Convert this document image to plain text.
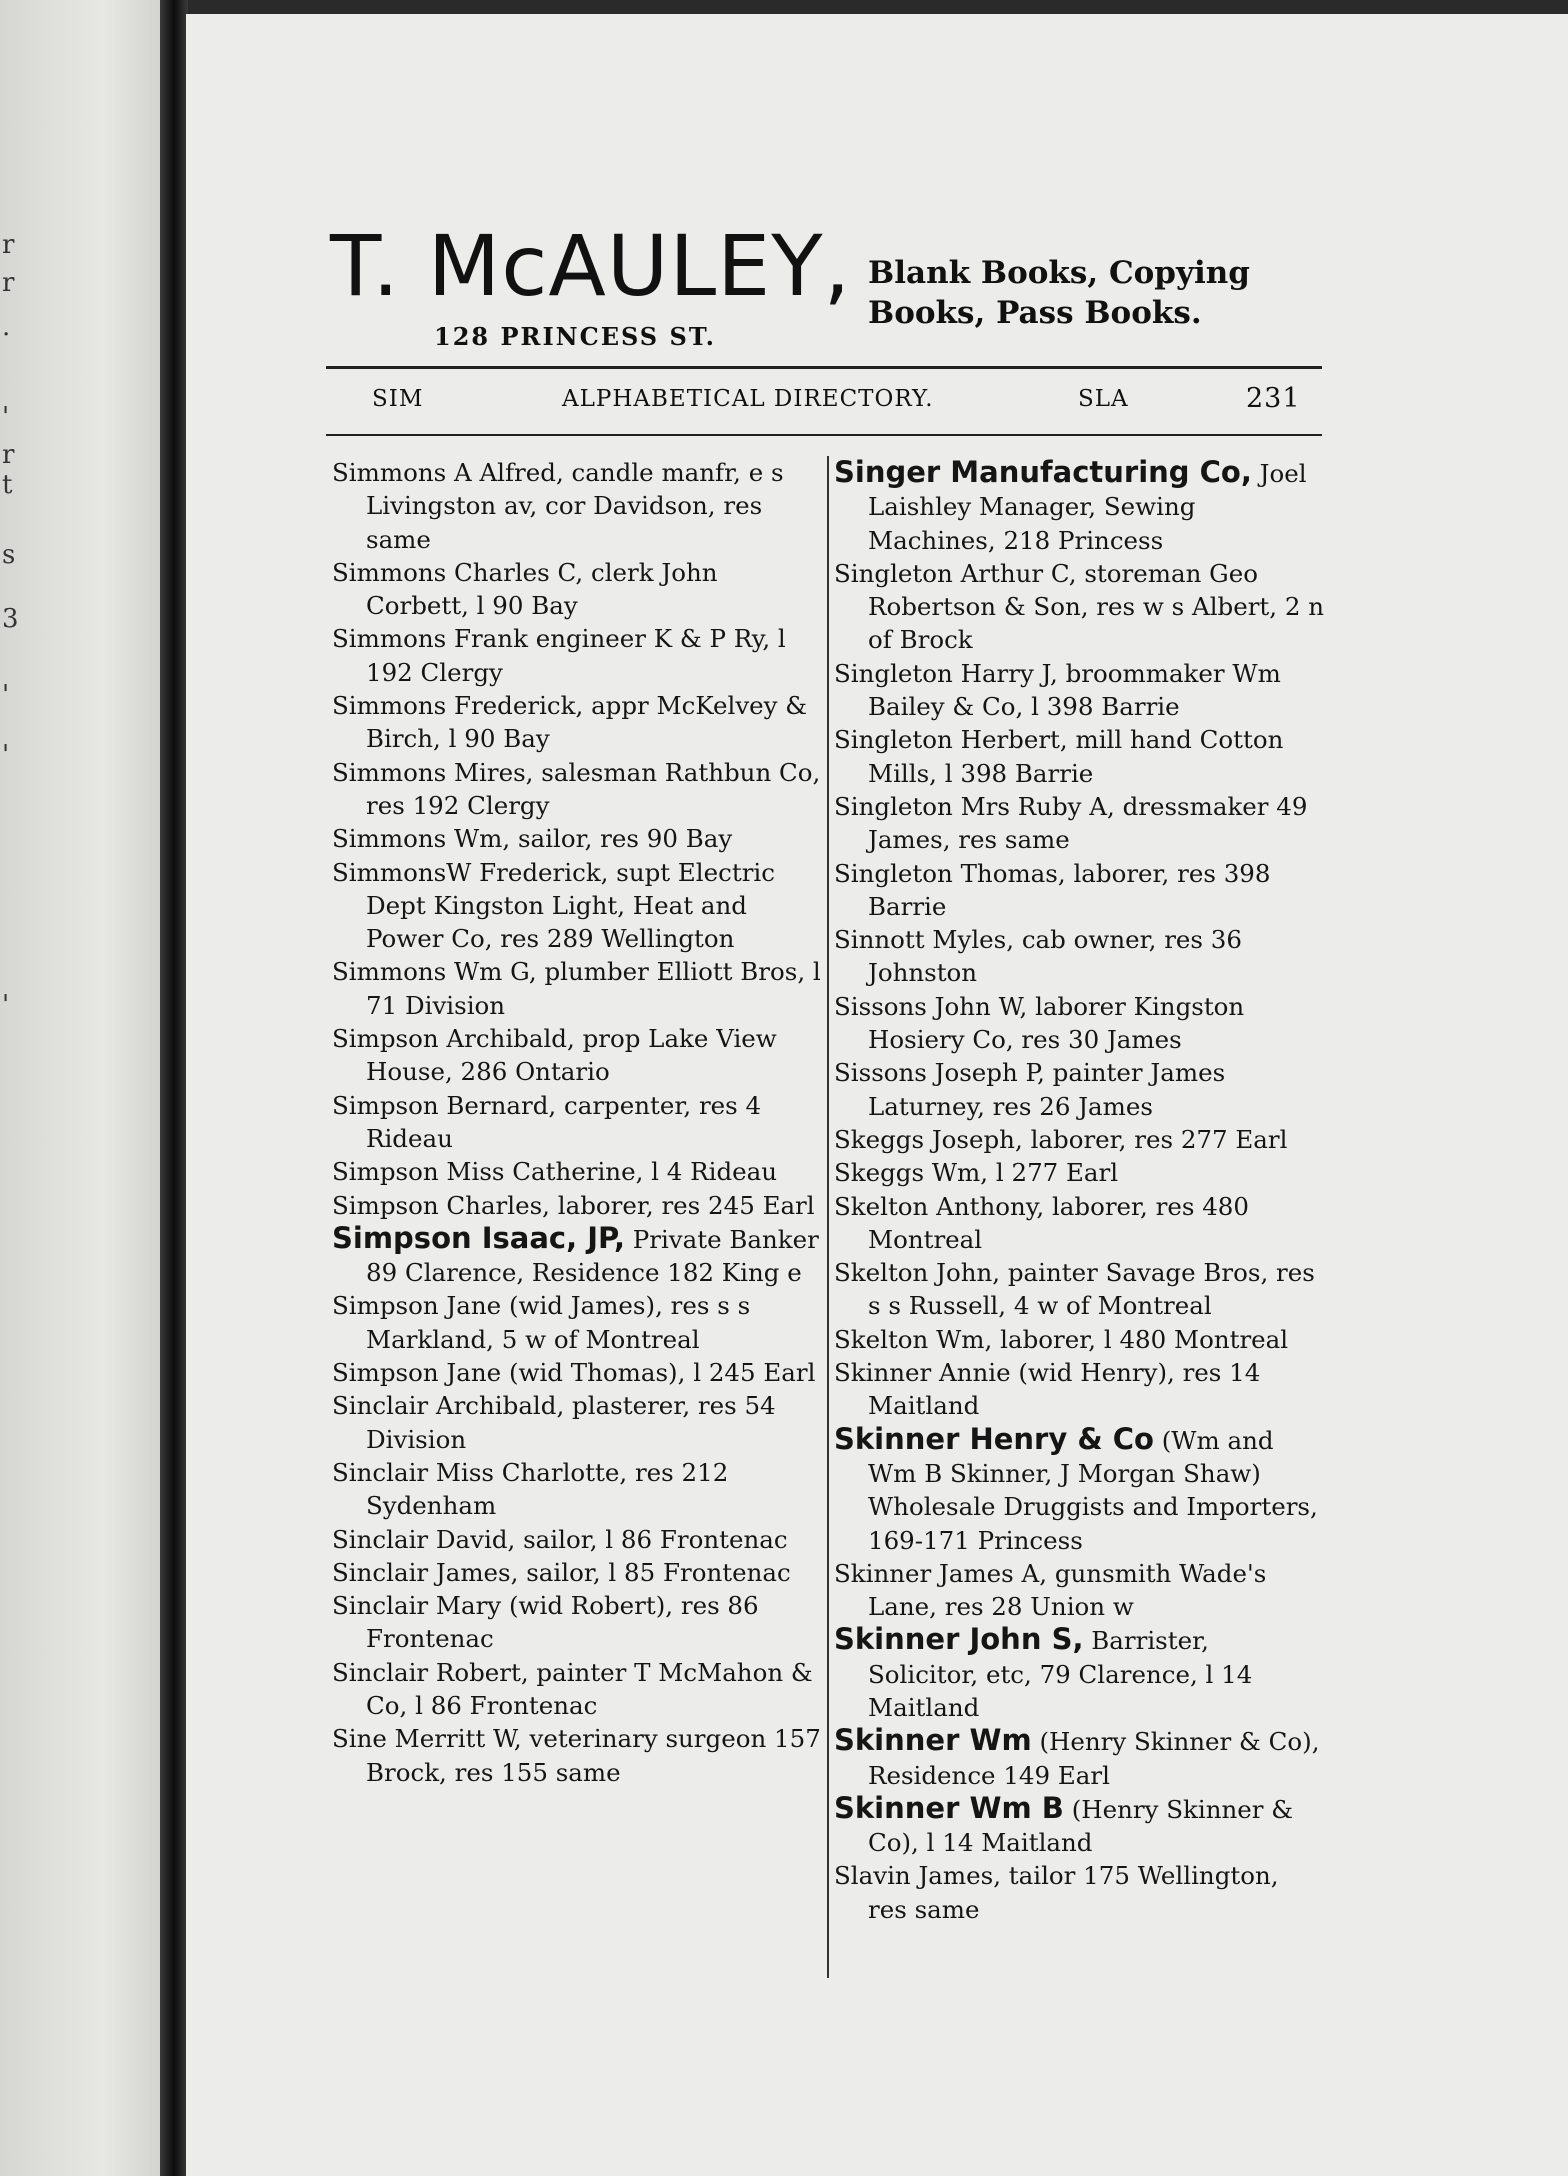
r
r
.
'
r
t
s
3
'
'
'
T. McAULEY,
128 PRINCESS ST.
Blank Books, Copying
Books, Pass Books.
SIM	ALPHABETICAL DIRECTORY.	SLA	231

Simmons A Alfred, candle manfr, e s Livingston av, cor Davidson, res same

Simmons Charles C, clerk John Corbett, l 90 Bay

Simmons Frank engineer K & P Ry, l 192 Clergy

Simmons Frederick, appr McKelvey & Birch, l 90 Bay

Simmons Mires, salesman Rathbun Co, res 192 Clergy

Simmons Wm, sailor, res 90 Bay

SimmonsW Frederick, supt Electric Dept Kingston Light, Heat and Power Co, res 289 Wellington

Simmons Wm G, plumber Elliott Bros, l 71 Division

Simpson Archibald, prop Lake View House, 286 Ontario

Simpson Bernard, carpenter, res 4 Rideau

Simpson Miss Catherine, l 4 Rideau

Simpson Charles, laborer, res 245 Earl

Simpson Isaac, JP, Private Banker 89 Clarence, Residence 182 King e

Simpson Jane (wid James), res s s Markland, 5 w of Montreal

Simpson Jane (wid Thomas), l 245 Earl

Sinclair Archibald, plasterer, res 54 Division

Sinclair Miss Charlotte, res 212 Sydenham

Sinclair David, sailor, l 86 Frontenac

Sinclair James, sailor, l 85 Frontenac

Sinclair Mary (wid Robert), res 86 Frontenac

Sinclair Robert, painter T McMahon & Co, l 86 Frontenac

Sine Merritt W, veterinary surgeon 157 Brock, res 155 same

Singer Manufacturing Co, Joel Laishley Manager, Sewing Machines, 218 Princess

Singleton Arthur C, storeman Geo Robertson & Son, res w s Albert, 2 n of Brock

Singleton Harry J, broommaker Wm Bailey & Co, l 398 Barrie

Singleton Herbert, mill hand Cotton Mills, l 398 Barrie

Singleton Mrs Ruby A, dressmaker 49 James, res same

Singleton Thomas, laborer, res 398 Barrie

Sinnott Myles, cab owner, res 36 Johnston

Sissons John W, laborer Kingston Hosiery Co, res 30 James

Sissons Joseph P, painter James Laturney, res 26 James

Skeggs Joseph, laborer, res 277 Earl

Skeggs Wm, l 277 Earl

Skelton Anthony, laborer, res 480 Montreal

Skelton John, painter Savage Bros, res s s Russell, 4 w of Montreal

Skelton Wm, laborer, l 480 Montreal

Skinner Annie (wid Henry), res 14 Maitland

Skinner Henry & Co (Wm and Wm B Skinner, J Morgan Shaw) Wholesale Druggists and Importers, 169-171 Princess

Skinner James A, gunsmith Wade's Lane, res 28 Union w

Skinner John S, Barrister, Solicitor, etc, 79 Clarence, l 14 Maitland

Skinner Wm (Henry Skinner & Co), Residence 149 Earl

Skinner Wm B (Henry Skinner & Co), l 14 Maitland

Slavin James, tailor 175 Wellington, res same
